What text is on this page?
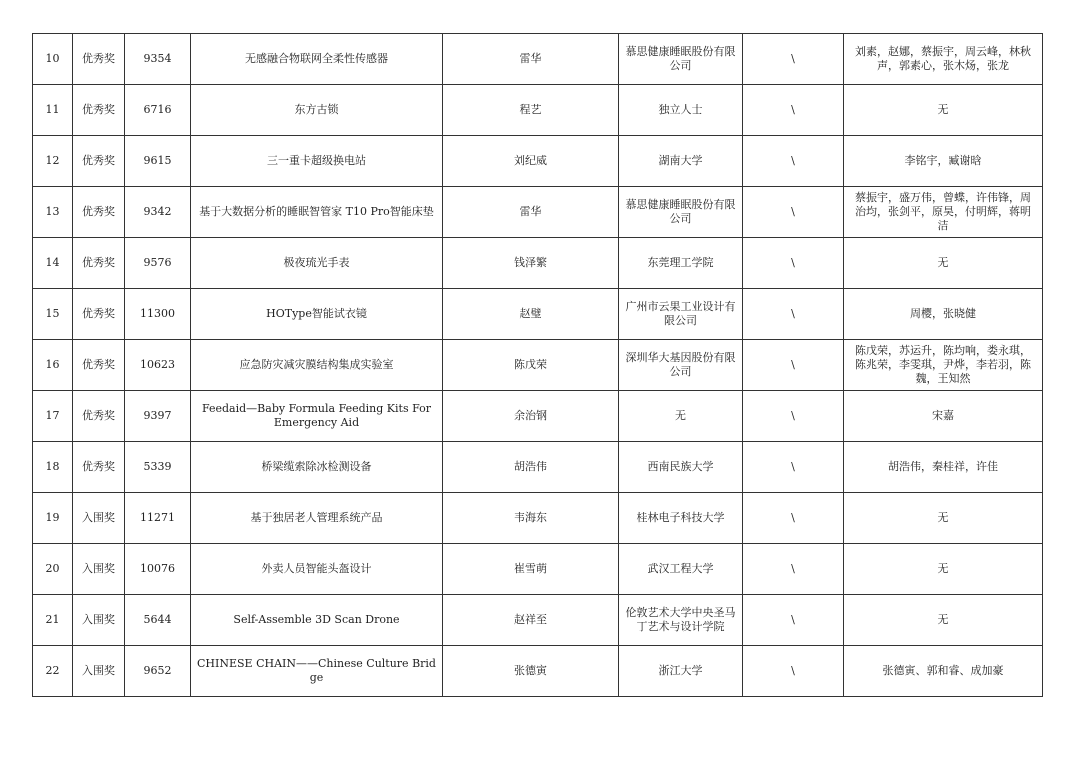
10	优秀奖	9354	无感融合物联网全柔性传感器	雷华	慕思健康睡眠股份有限公司	\	刘素，赵娜，蔡振宇，周云峰，林秋声，郭素心，张木炀，张龙
11	优秀奖	6716	东方古锁	程艺	独立人士	\	无
12	优秀奖	9615	三一重卡超级换电站	刘纪威	湖南大学	\	李铭宇，臧谢晗
13	优秀奖	9342	基于大数据分析的睡眠智管家 T10 Pro智能床垫	雷华	慕思健康睡眠股份有限公司	\	蔡振宇，盛万伟，曾蝶，许伟锋，周治均，张剑平，原昊，付明辉，蒋明洁
14	优秀奖	9576	极夜琉光手表	钱泽繁	东莞理工学院	\	无
15	优秀奖	11300	HOType智能试衣镜	赵璧	广州市云果工业设计有限公司	\	周樱，张晓健
16	优秀奖	10623	应急防灾减灾膜结构集成实验室	陈戊荣	深圳华大基因股份有限公司	\	陈戊荣，苏运升，陈均响，娄永琪，陈兆荣，李雯琪，尹烨，李若羽，陈魏，王知然
17	优秀奖	9397	Feedaid—Baby Formula Feeding Kits For Emergency Aid	余治钢	无	\	宋嘉
18	优秀奖	5339	桥梁缆索除冰检测设备	胡浩伟	西南民族大学	\	胡浩伟，秦桂祥，许佳
19	入围奖	11271	基于独居老人管理系统产品	韦海东	桂林电子科技大学	\	无
20	入围奖	10076	外卖人员智能头盔设计	崔雪萌	武汉工程大学	\	无
21	入围奖	5644	Self-Assemble 3D Scan Drone	赵祥至	伦敦艺术大学中央圣马丁艺术与设计学院	\	无
22	入围奖	9652	CHINESE CHAIN——Chinese Culture Bridge	张德寅	浙江大学	\	张德寅、郭和睿、成加豪
